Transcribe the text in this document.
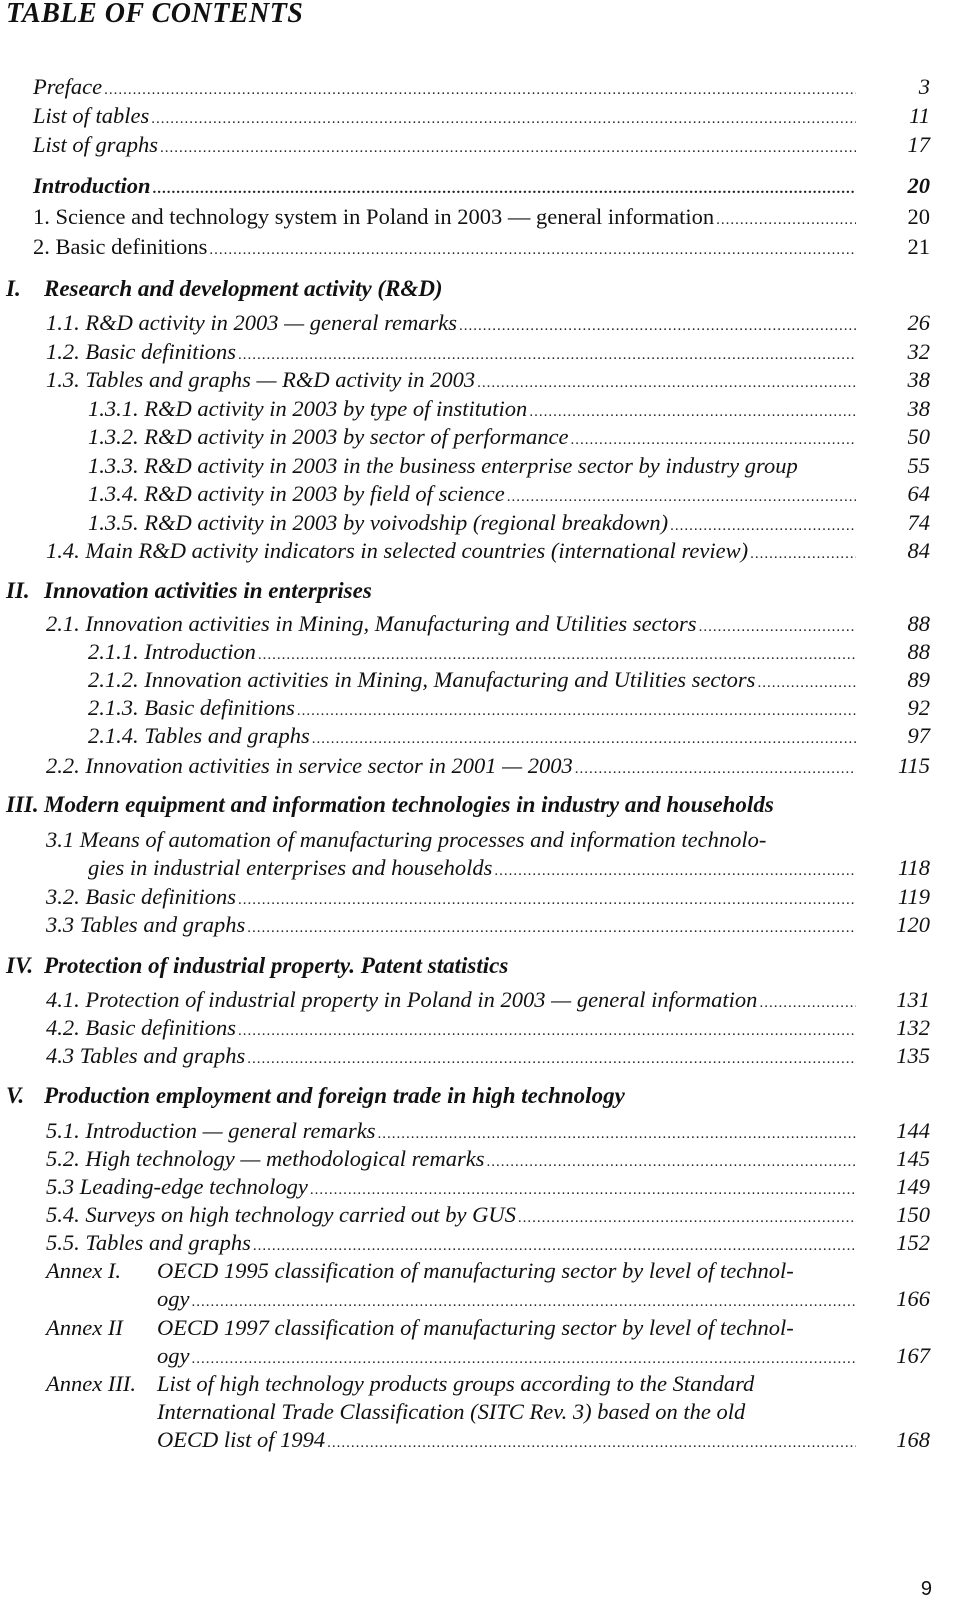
TABLE OF CONTENTS
Preface .....	3
List of tables .....	11
List of graphs .....	17
Introduction .....	20
1. Science and technology system in Poland in 2003 — general information .....	20
2. Basic definitions .....	21
I. Research and development activity (R&D)
1.1. R&D activity in 2003 — general remarks .....	26
1.2. Basic definitions .....	32
1.3. Tables and graphs — R&D activity in 2003 .....	38
1.3.1. R&D activity in 2003 by type of institution .....	38
1.3.2. R&D activity in 2003 by sector of performance .....	50
1.3.3. R&D activity in 2003 in the business enterprise sector by industry group	55
1.3.4. R&D activity in 2003 by field of science .....	64
1.3.5. R&D activity in 2003 by voivodship (regional breakdown) .....	74
1.4. Main R&D activity indicators in selected countries (international review) .....	84
II. Innovation activities in enterprises
2.1. Innovation activities in Mining, Manufacturing and Utilities sectors .....	88
2.1.1. Introduction .....	88
2.1.2. Innovation activities in Mining, Manufacturing and Utilities sectors .....	89
2.1.3. Basic definitions .....	92
2.1.4. Tables and graphs .....	97
2.2. Innovation activities in service sector in 2001 — 2003 .....	115
III. Modern equipment and information technologies in industry and households
3.1 Means of automation of manufacturing processes and information technolo-
gies in industrial enterprises and households .....	118
3.2. Basic definitions .....	119
3.3 Tables and graphs .....	120
IV. Protection of industrial property. Patent statistics
4.1. Protection of industrial property in Poland in 2003 — general information .....	131
4.2. Basic definitions .....	132
4.3 Tables and graphs .....	135
V. Production employment and foreign trade in high technology
5.1. Introduction — general remarks .....	144
5.2. High technology — methodological remarks .....	145
5.3 Leading-edge technology .....	149
5.4. Surveys on high technology carried out by GUS .....	150
5.5. Tables and graphs .....	152
Annex I. OECD 1995 classification of manufacturing sector by level of technol-
ogy .....	166
Annex II OECD 1997 classification of manufacturing sector by level of technol-
ogy .....	167
Annex III. List of high technology products groups according to the Standard
International Trade Classification (SITC Rev. 3) based on the old
OECD list of 1994 .....	168
9
